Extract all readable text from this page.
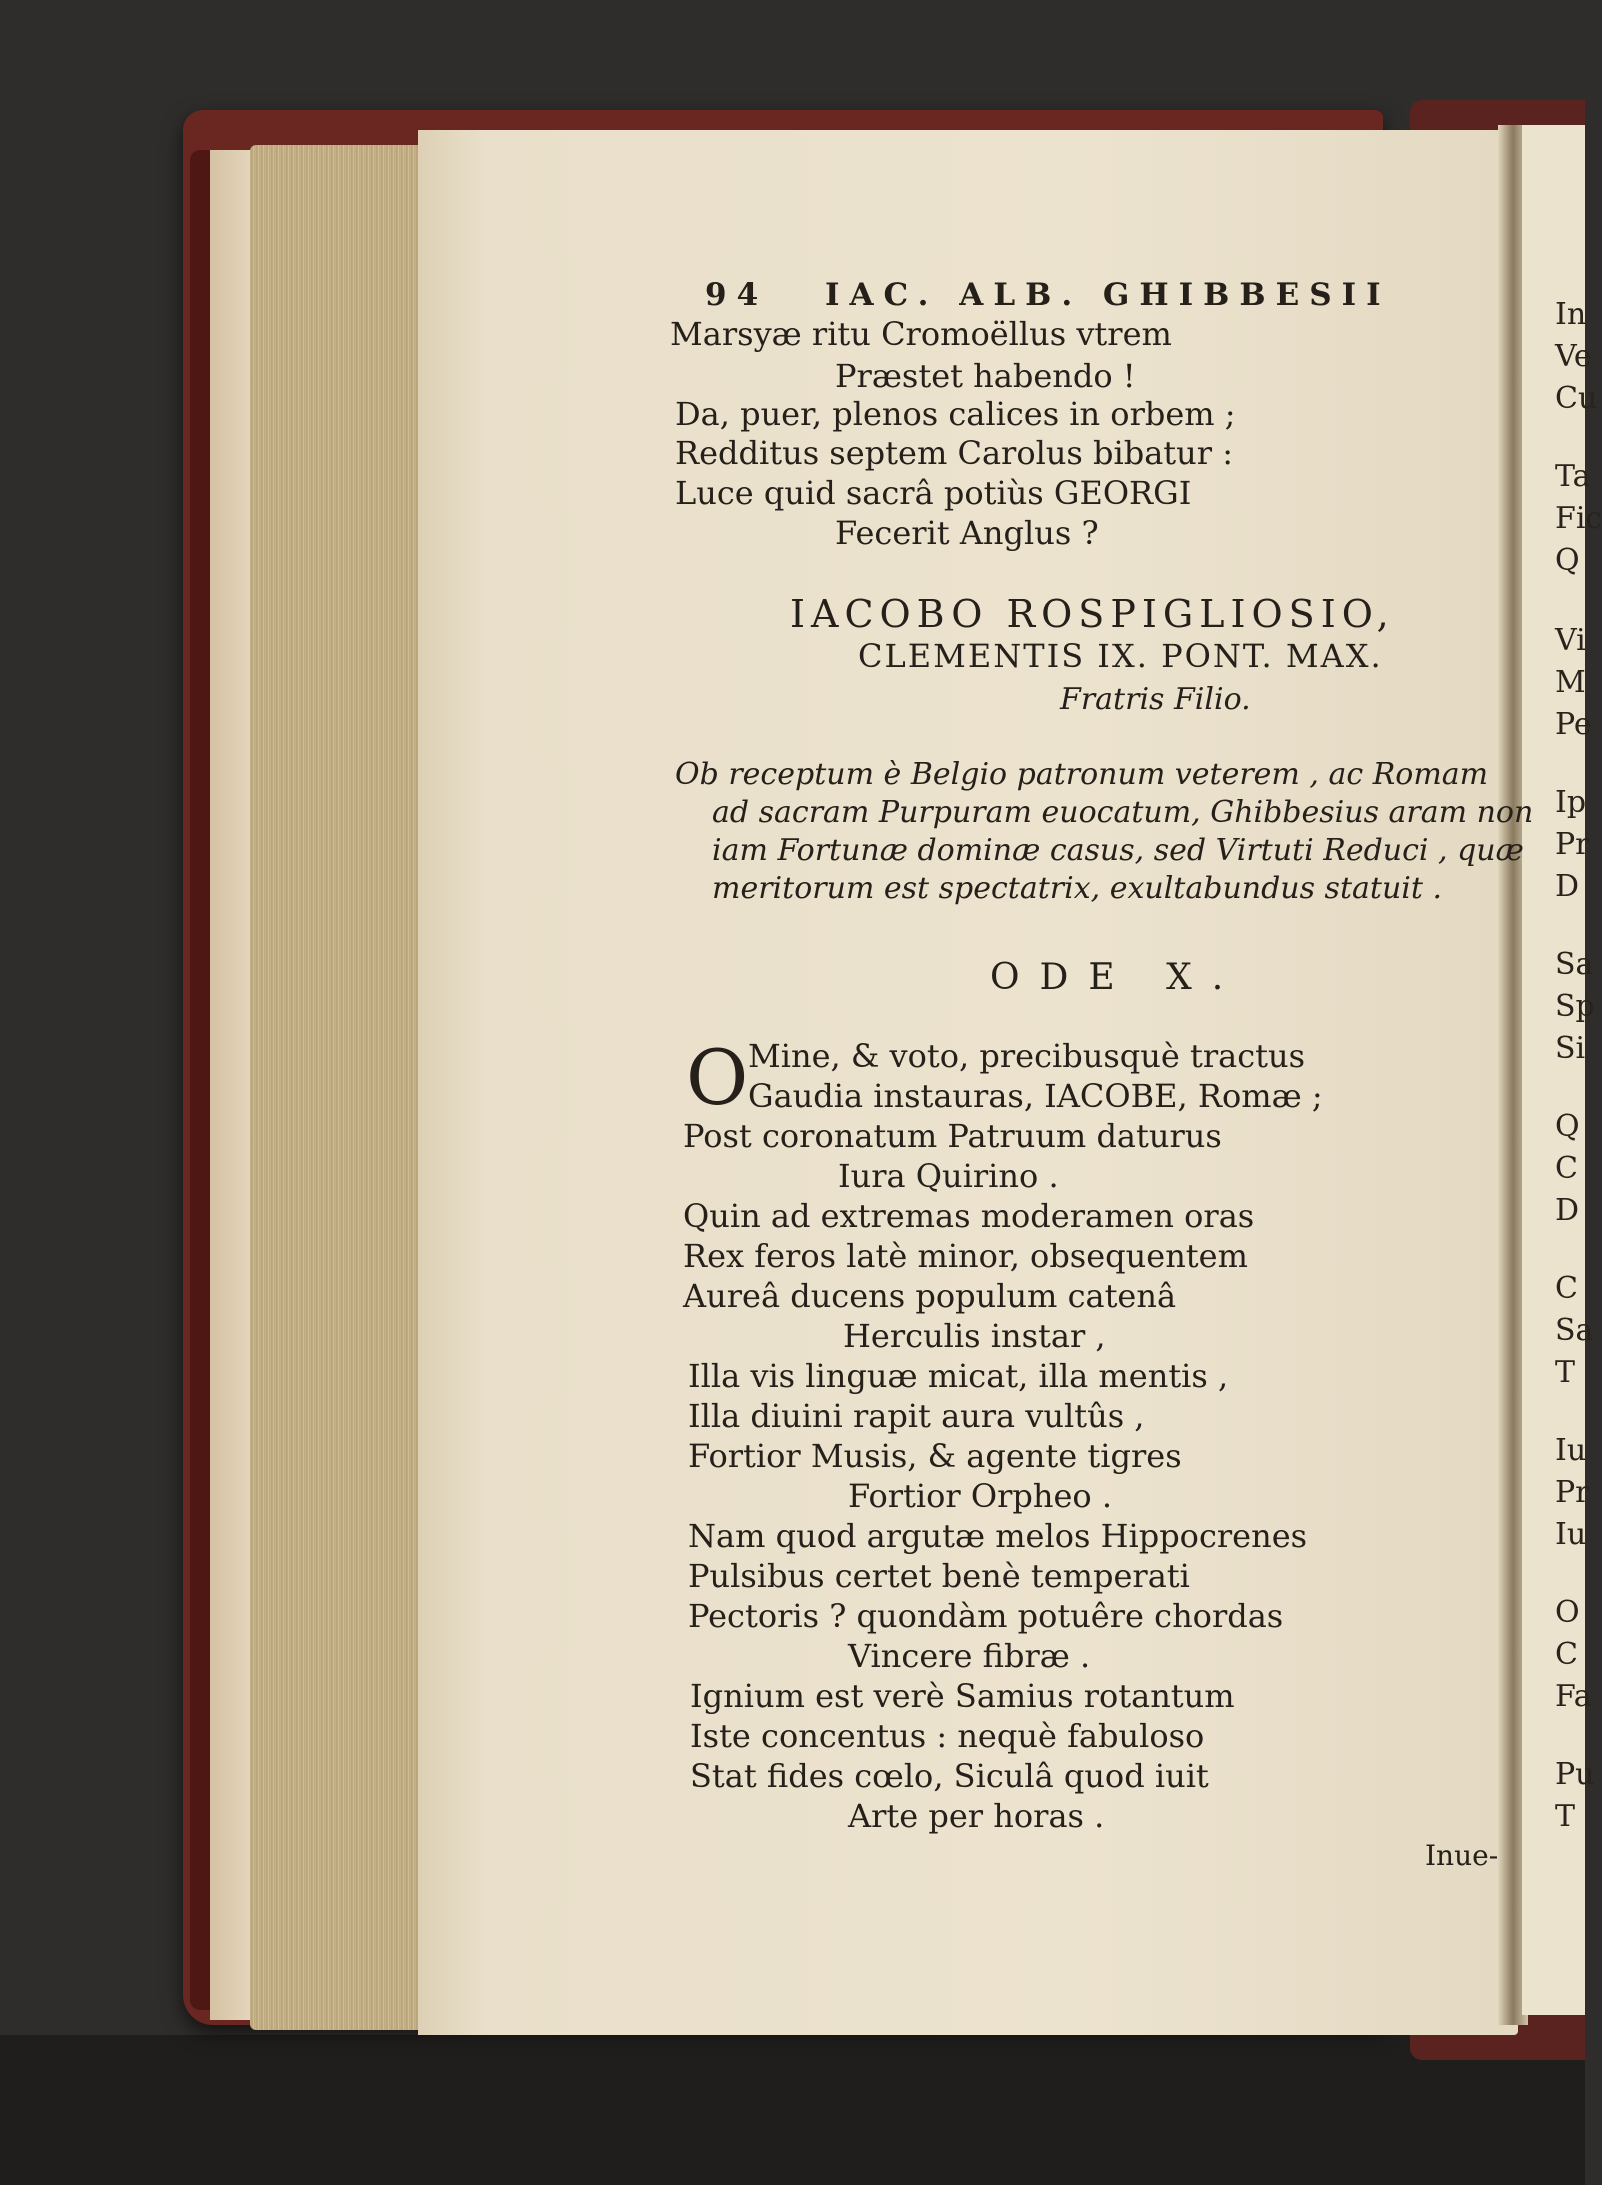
94 IAC. ALB. GHIBBESII
Marsyæ ritu Cromoëllus vtrem
Præstet habendo !
Da, puer, plenos calices in orbem ;
Redditus septem Carolus bibatur :
Luce quid sacrâ potiùs GEORGI
Fecerit Anglus ?
IACOBO ROSPIGLIOSIO,
CLEMENTIS IX. PONT. MAX.
Fratris Filio.
Ob receptum è Belgio patronum veterem , ac Romam
ad sacram Purpuram euocatum, Ghibbesius aram non
iam Fortunæ dominæ casus, sed Virtuti Reduci , quæ
meritorum est spectatrix, exultabundus statuit .
ODE X.
O Mine, & voto, precibusquè tractus
Gaudia instauras, IACOBE, Romæ ;
Post coronatum Patruum daturus
Iura Quirino .
Quin ad extremas moderamen oras
Rex feros latè minor, obsequentem
Aureâ ducens populum catenâ
Herculis instar ,
Illa vis linguæ micat, illa mentis ,
Illa diuini rapit aura vultûs ,
Fortior Musis, & agente tigres
Fortior Orpheo .
Nam quod argutæ melos Hippocrenes
Pulsibus certet benè temperati
Pectoris ? quondàm potuêre chordas
Vincere fibræ .
Ignium est verè Samius rotantum
Iste concentus : nequè fabuloso
Stat fides cœlo, Siculâ quod iuit
Arte per horas .
Inue-
In
Ve
Cu
Ta
Fic
Q
Vi
M
Pe
Ip
Pr
D
Sa
Sp
Si
Q
C
D
C
Sa
T
Iu
Pr
Iu
O
C
Fa
Pu
T
